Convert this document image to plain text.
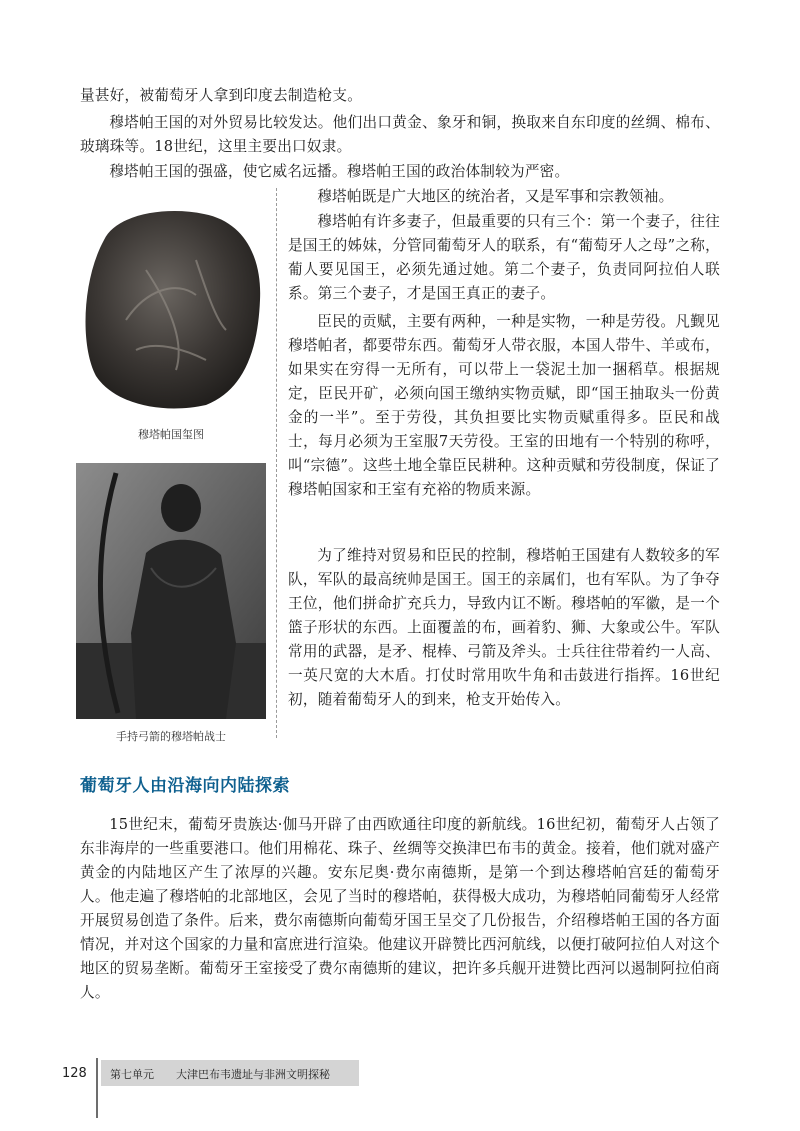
量甚好，被葡萄牙人拿到印度去制造枪支。

穆塔帕王国的对外贸易比较发达。他们出口黄金、象牙和铜，换取来自东印度的丝绸、棉布、玻璃珠等。18世纪，这里主要出口奴隶。

穆塔帕王国的强盛，使它威名远播。穆塔帕王国的政治体制较为严密。

穆塔帕国玺图
手持弓箭的穆塔帕战士

穆塔帕既是广大地区的统治者，又是军事和宗教领袖。

穆塔帕有许多妻子，但最重要的只有三个：第一个妻子，往往是国王的姊妹，分管同葡萄牙人的联系，有“葡萄牙人之母”之称，葡人要见国王，必须先通过她。第二个妻子，负责同阿拉伯人联系。第三个妻子，才是国王真正的妻子。

臣民的贡赋，主要有两种，一种是实物，一种是劳役。凡觐见穆塔帕者，都要带东西。葡萄牙人带衣服，本国人带牛、羊或布，如果实在穷得一无所有，可以带上一袋泥土加一捆稻草。根据规定，臣民开矿，必须向国王缴纳实物贡赋，即“国王抽取头一份黄金的一半”。至于劳役，其负担要比实物贡赋重得多。臣民和战士，每月必须为王室服7天劳役。王室的田地有一个特别的称呼，叫“宗德”。这些土地全靠臣民耕种。这种贡赋和劳役制度，保证了穆塔帕国家和王室有充裕的物质来源。

为了维持对贸易和臣民的控制，穆塔帕王国建有人数较多的军队，军队的最高统帅是国王。国王的亲属们，也有军队。为了争夺王位，他们拼命扩充兵力，导致内讧不断。穆塔帕的军徽，是一个篮子形状的东西。上面覆盖的布，画着豹、狮、大象或公牛。军队常用的武器，是矛、棍棒、弓箭及斧头。士兵往往带着约一人高、一英尺宽的大木盾。打仗时常用吹牛角和击鼓进行指挥。16世纪初，随着葡萄牙人的到来，枪支开始传入。

葡萄牙人由沿海向内陆探索

15世纪末，葡萄牙贵族达·伽马开辟了由西欧通往印度的新航线。16世纪初，葡萄牙人占领了东非海岸的一些重要港口。他们用棉花、珠子、丝绸等交换津巴布韦的黄金。接着，他们就对盛产黄金的内陆地区产生了浓厚的兴趣。安东尼奥·费尔南德斯，是第一个到达穆塔帕宫廷的葡萄牙人。他走遍了穆塔帕的北部地区，会见了当时的穆塔帕，获得极大成功，为穆塔帕同葡萄牙人经常开展贸易创造了条件。后来，费尔南德斯向葡萄牙国王呈交了几份报告，介绍穆塔帕王国的各方面情况，并对这个国家的力量和富庶进行渲染。他建议开辟赞比西河航线，以便打破阿拉伯人对这个地区的贸易垄断。葡萄牙王室接受了费尔南德斯的建议，把许多兵舰开进赞比西河以遏制阿拉伯商人。

128 第七单元 大津巴布韦遗址与非洲文明探秘
